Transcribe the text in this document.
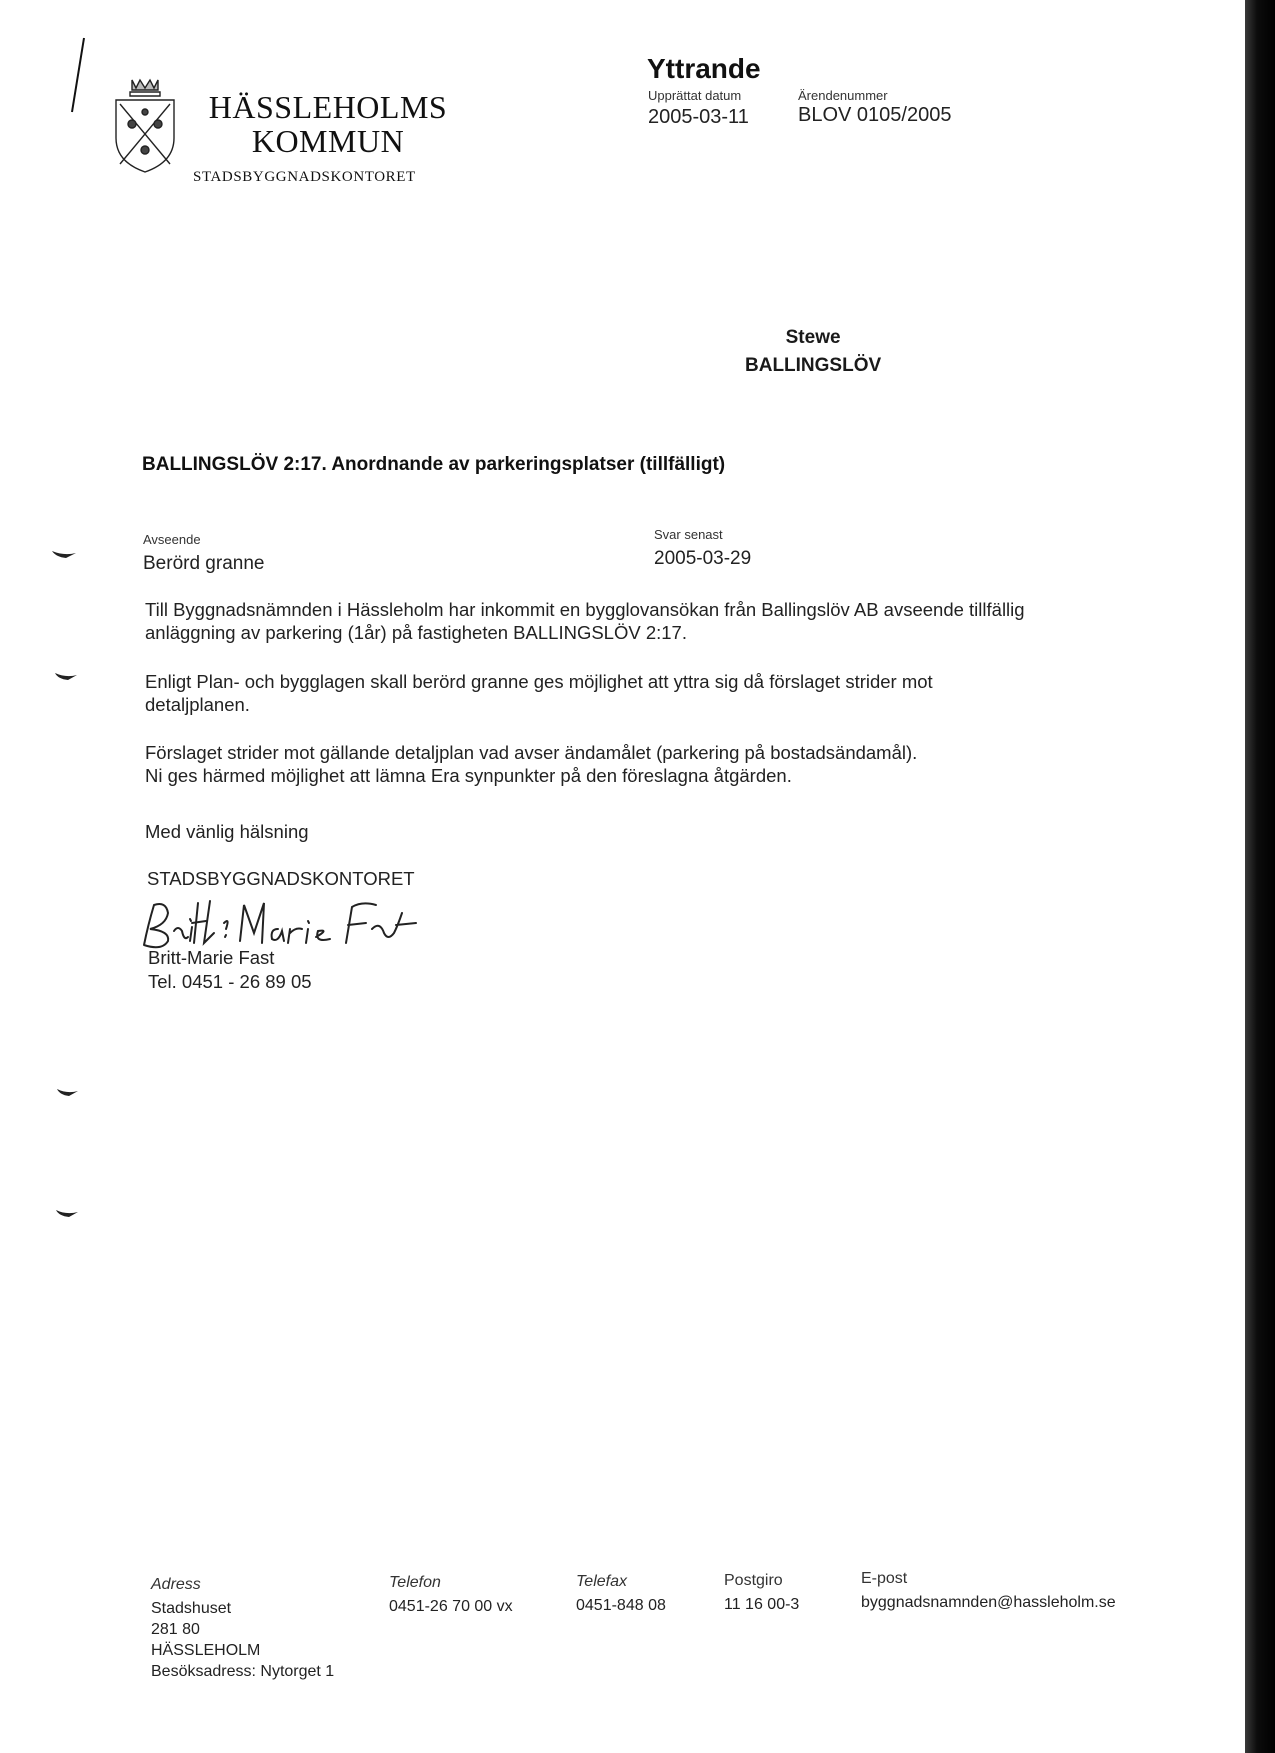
HÄSSLEHOLMS
KOMMUN
STADSBYGGNADSKONTORET
Yttrande
Upprättat datum
2005-03-11
Ärendenummer
BLOV 0105/2005
Stewe
BALLINGSLÖV
BALLINGSLÖV 2:17. Anordnande av parkeringsplatser (tillfälligt)
Avseende
Berörd granne
Svar senast
2005-03-29
Till Byggnadsnämnden i Hässleholm har inkommit en bygglovansökan från Ballingslöv AB avseende tillfällig
anläggning av parkering (1år) på fastigheten BALLINGSLÖV 2:17.
Enligt Plan- och bygglagen skall berörd granne ges möjlighet att yttra sig då förslaget strider mot
detaljplanen.
Förslaget strider mot gällande detaljplan vad avser ändamålet (parkering på bostadsändamål).
Ni ges härmed möjlighet att lämna Era synpunkter på den föreslagna åtgärden.
Med vänlig hälsning
STADSBYGGNADSKONTORET
Britt-Marie Fast
Tel. 0451 - 26 89 05
Adress
Stadshuset
281 80
HÄSSLEHOLM
Besöksadress: Nytorget 1
Telefon
0451-26 70 00 vx
Telefax
0451-848 08
Postgiro
11 16 00-3
E-post
byggnadsnamnden@hassleholm.se
